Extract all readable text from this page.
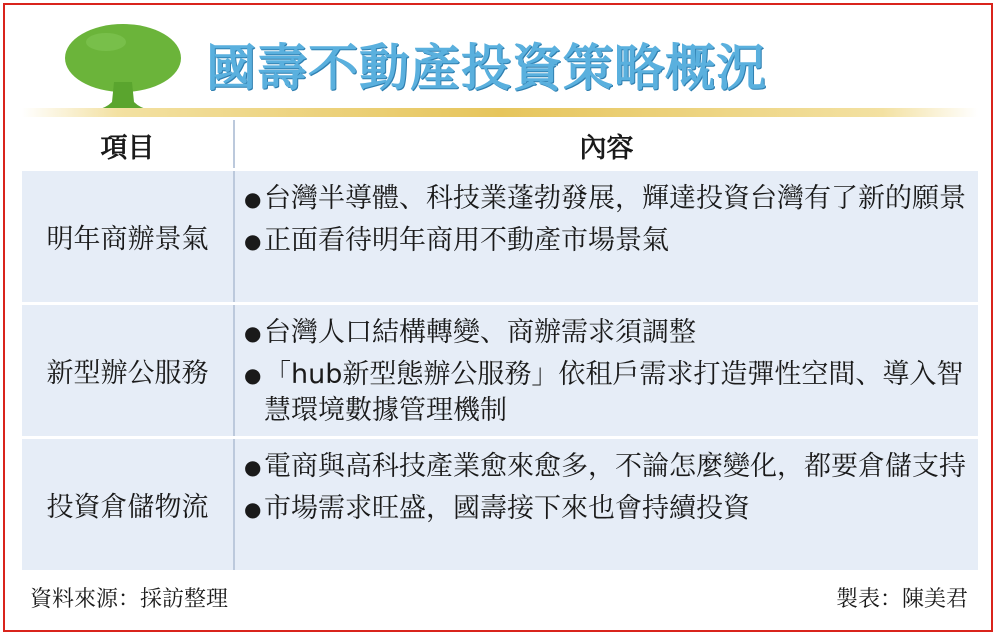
國壽不動產投資策略概況
項目	內容
明年商辦景氣
● 台灣半導體、科技業蓬勃發展，輝達投資台灣有了新的願景
● 正面看待明年商用不動產市場景氣
新型辦公服務
● 台灣人口結構轉變、商辦需求須調整
● 「hub新型態辦公服務」依租戶需求打造彈性空間、導入智慧環境數據管理機制
投資倉儲物流
● 電商與高科技產業愈來愈多，不論怎麼變化，都要倉儲支持
● 市場需求旺盛，國壽接下來也會持續投資
資料來源：採訪整理	製表：陳美君
